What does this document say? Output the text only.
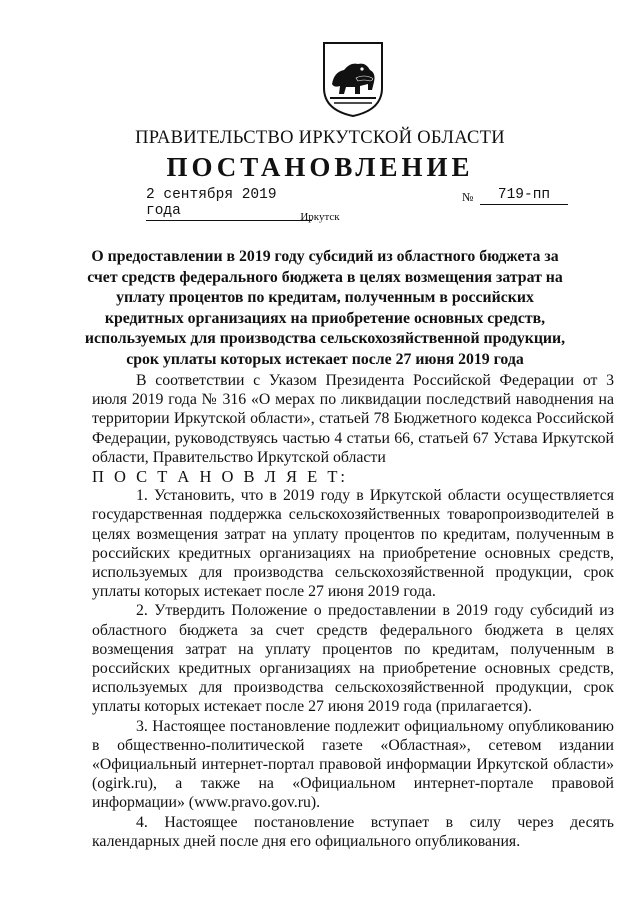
ПРАВИТЕЛЬСТВО ИРКУТСКОЙ ОБЛАСТИ
ПОСТАНОВЛЕНИЕ
2 сентября 2019 года
№	719-пп
Иркутск
О предоставлении в 2019 году субсидий из областного бюджета за счет средств федерального бюджета в целях возмещения затрат на уплату процентов по кредитам, полученным в российских кредитных организациях на приобретение основных средств, используемых для производства сельскохозяйственной продукции, срок уплаты которых истекает после 27 июня 2019 года

В соответствии с Указом Президента Российской Федерации от 3 июля 2019 года № 316 «О мерах по ликвидации последствий наводнения на территории Иркутской области», статьей 78 Бюджетного кодекса Российской Федерации, руководствуясь частью 4 статьи 66, статьей 67 Устава Иркутской области, Правительство Иркутской области

П О С Т А Н О В Л Я Е Т:

1. Установить, что в 2019 году в Иркутской области осуществляется государственная поддержка сельскохозяйственных товаропроизводителей в целях возмещения затрат на уплату процентов по кредитам, полученным в российских кредитных организациях на приобретение основных средств, используемых для производства сельскохозяйственной продукции, срок уплаты которых истекает после 27 июня 2019 года.

2. Утвердить Положение о предоставлении в 2019 году субсидий из областного бюджета за счет средств федерального бюджета в целях возмещения затрат на уплату процентов по кредитам, полученным в российских кредитных организациях на приобретение основных средств, используемых для производства сельскохозяйственной продукции, срок уплаты которых истекает после 27 июня 2019 года (прилагается).

3. Настоящее постановление подлежит официальному опубликованию в общественно-политической газете «Областная», сетевом издании «Официальный интернет-портал правовой информации Иркутской области» (ogirk.ru), а также на «Официальном интернет-портале правовой информации» (www.pravo.gov.ru).

4. Настоящее постановление вступает в силу через десять календарных дней после дня его официального опубликования.
